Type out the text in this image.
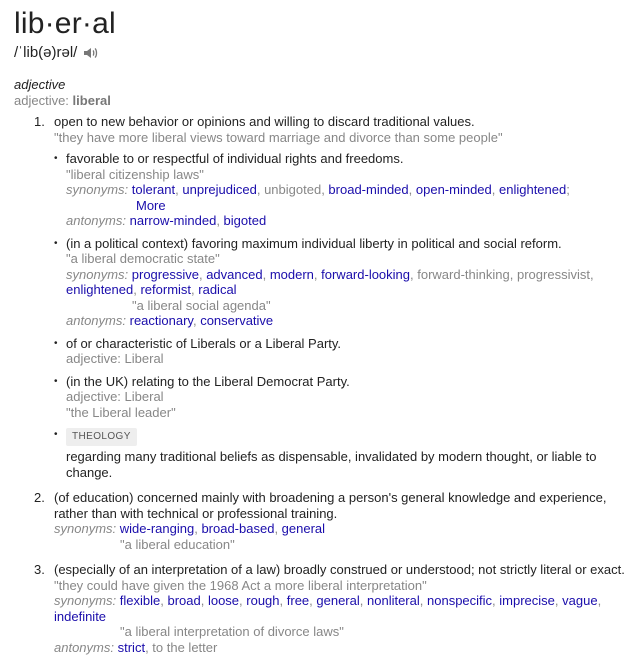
lib·er·al
/ˈlib(ə)rəl/
adjective
adjective: liberal
1. open to new behavior or opinions and willing to discard traditional values.
"they have more liberal views toward marriage and divorce than some people"
• favorable to or respectful of individual rights and freedoms.
"liberal citizenship laws"
synonyms: tolerant, unprejudiced, unbigoted, broad-minded, open-minded, enlightened;
More
antonyms: narrow-minded, bigoted
• (in a political context) favoring maximum individual liberty in political and social reform.
"a liberal democratic state"
synonyms: progressive, advanced, modern, forward-looking, forward-thinking, progressivist, enlightened, reformist, radical
"a liberal social agenda"
antonyms: reactionary, conservative
• of or characteristic of Liberals or a Liberal Party.
adjective: Liberal
• (in the UK) relating to the Liberal Democrat Party.
adjective: Liberal
"the Liberal leader"
• THEOLOGY

regarding many traditional beliefs as dispensable, invalidated by modern thought, or liable to change.
2. (of education) concerned mainly with broadening a person's general knowledge and experience, rather than with technical or professional training.
synonyms: wide-ranging, broad-based, general
"a liberal education"
3. (especially of an interpretation of a law) broadly construed or understood; not strictly literal or exact.
"they could have given the 1968 Act a more liberal interpretation"
synonyms: flexible, broad, loose, rough, free, general, nonliteral, nonspecific, imprecise, vague, indefinite
"a liberal interpretation of divorce laws"
antonyms: strict, to the letter
